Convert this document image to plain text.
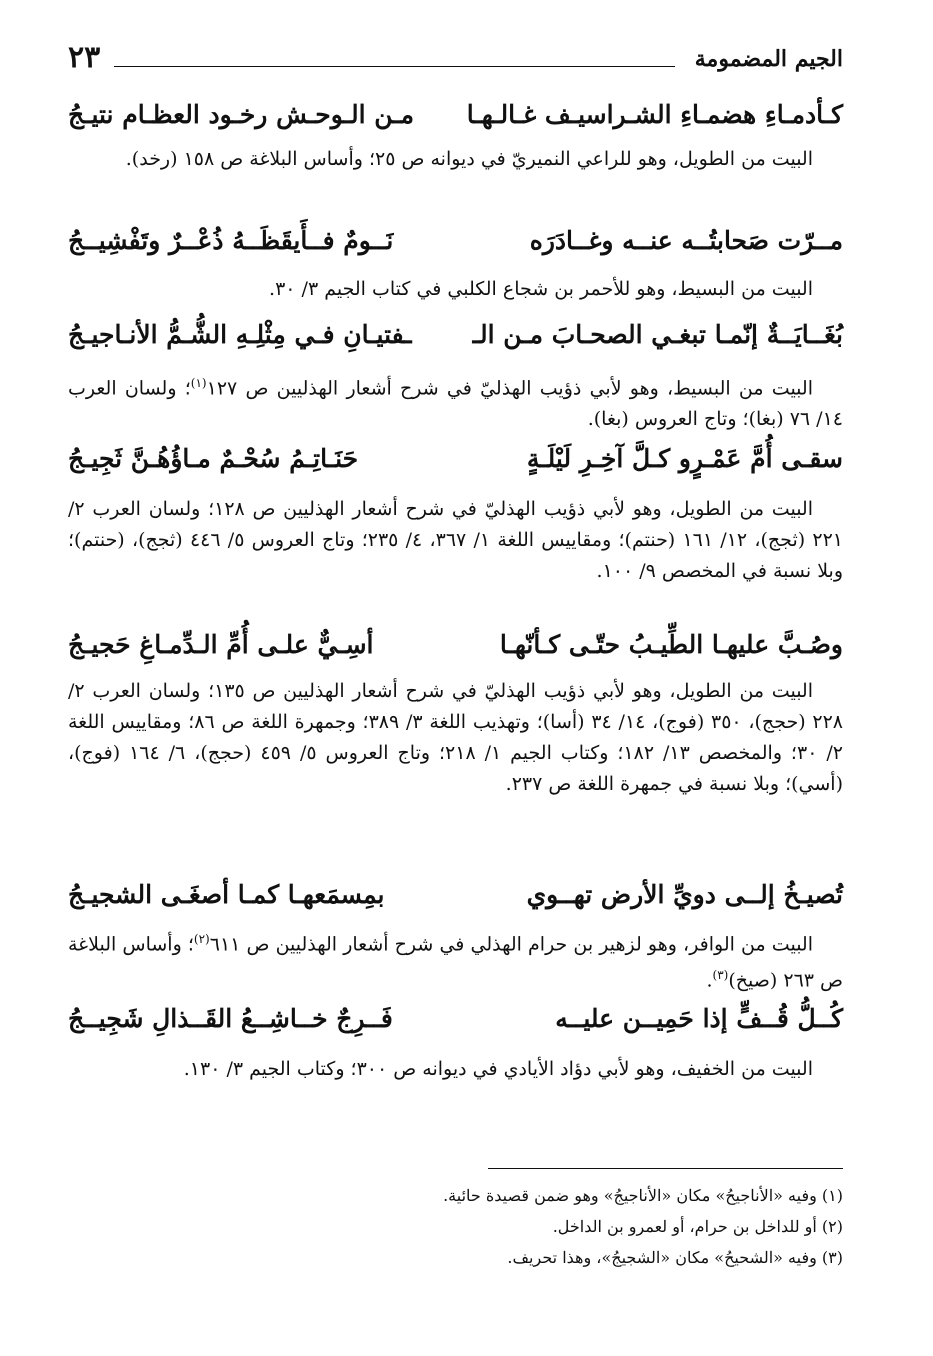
الجيم المضمومة
٢٣
كـأدمـاءِ هضمـاءِ الشـراسيـف غـالـهـا
مـن الـوحـش رخـود العظـام نتيـجُ
البيت من الطويل، وهو للراعي النميريّ في ديوانه ص ٢٥؛ وأساس البلاغة ص ١٥٨ (رخد).
مــرّت صَحابتُــه عنــه وغــادَرَه
نَــومٌ فــأَيقَظَــهُ ذُعْــرٌ وتَفْشِيــجُ
البيت من البسيط، وهو للأحمر بن شجاع الكلبي في كتاب الجيم ٣/ ٣٠.
بُغَــايَــةٌ إنّمـا تبغـي الصحـابَ مـن الـ
ـفتيـانِ فـي مِثْلِـهِ الشُّـمُّ الأنـاجيـجُ
البيت من البسيط، وهو لأبي ذؤيب الهذليّ في شرح أشعار الهذليين ص ١٢٧$^{(١)}$؛ ولسان العرب ١٤/ ٧٦ (بغا)؛ وتاج العروس (بغا).
سقـى أُمَّ عَمْـرٍو كـلَّ آخِـرِ لَيْلَـةٍ
حَنَـاتِـمُ سُحْـمٌ مـاؤُهُـنَّ ثَجِيـجُ
البيت من الطويل، وهو لأبي ذؤيب الهذليّ في شرح أشعار الهذليين ص ١٢٨؛ ولسان العرب ٢/ ٢٢١ (ثجج)، ١٢/ ١٦١ (حنتم)؛ ومقاييس اللغة ١/ ٣٦٧، ٤/ ٢٣٥؛ وتاج العروس ٥/ ٤٤٦ (ثجج)، (حنتم)؛ وبلا نسبة في المخصص ٩/ ١٠٠.
وصُـبَّ عليهـا الطِّيـبُ حتّـى كـأنّهـا
أسِـيٌّ علـى أُمِّ الـدِّمـاغِ حَجيـجُ
البيت من الطويل، وهو لأبي ذؤيب الهذليّ في شرح أشعار الهذليين ص ١٣٥؛ ولسان العرب ٢/ ٢٢٨ (حجج)، ٣٥٠ (فوج)، ١٤/ ٣٤ (أسا)؛ وتهذيب اللغة ٣/ ٣٨٩؛ وجمهرة اللغة ص ٨٦؛ ومقاييس اللغة ٢/ ٣٠؛ والمخصص ١٣/ ١٨٢؛ وكتاب الجيم ١/ ٢١٨؛ وتاج العروس ٥/ ٤٥٩ (حجج)، ٦/ ١٦٤ (فوج)، (أسي)؛ وبلا نسبة في جمهرة اللغة ص ٢٣٧.
تُصيـخُ إلــى دويِّ الأرض تهــوي
بمِسمَعهـا كمـا أصغَـى الشجيـجُ
البيت من الوافر، وهو لزهير بن حرام الهذلي في شرح أشعار الهذليين ص ٦١١$^{(٢)}$؛ وأساس البلاغة ص ٢٦٣ (صيخ)$^{(٣)}$.
كُــلُّ قُــفٍّ إذا حَمِيــن عليــه
فَــرِجٌ خــاشِــعُ القَــذالِ شَجِيــجُ
البيت من الخفيف، وهو لأبي دؤاد الأيادي في ديوانه ص ٣٠٠؛ وكتاب الجيم ٣/ ١٣٠.
(١) وفيه «الأناجيحُ» مكان «الأناجيجُ» وهو ضمن قصيدة حائية.
(٢) أو للداخل بن حرام، أو لعمرو بن الداخل.
(٣) وفيه «الشحيحُ» مكان «الشجيجُ»، وهذا تحريف.
